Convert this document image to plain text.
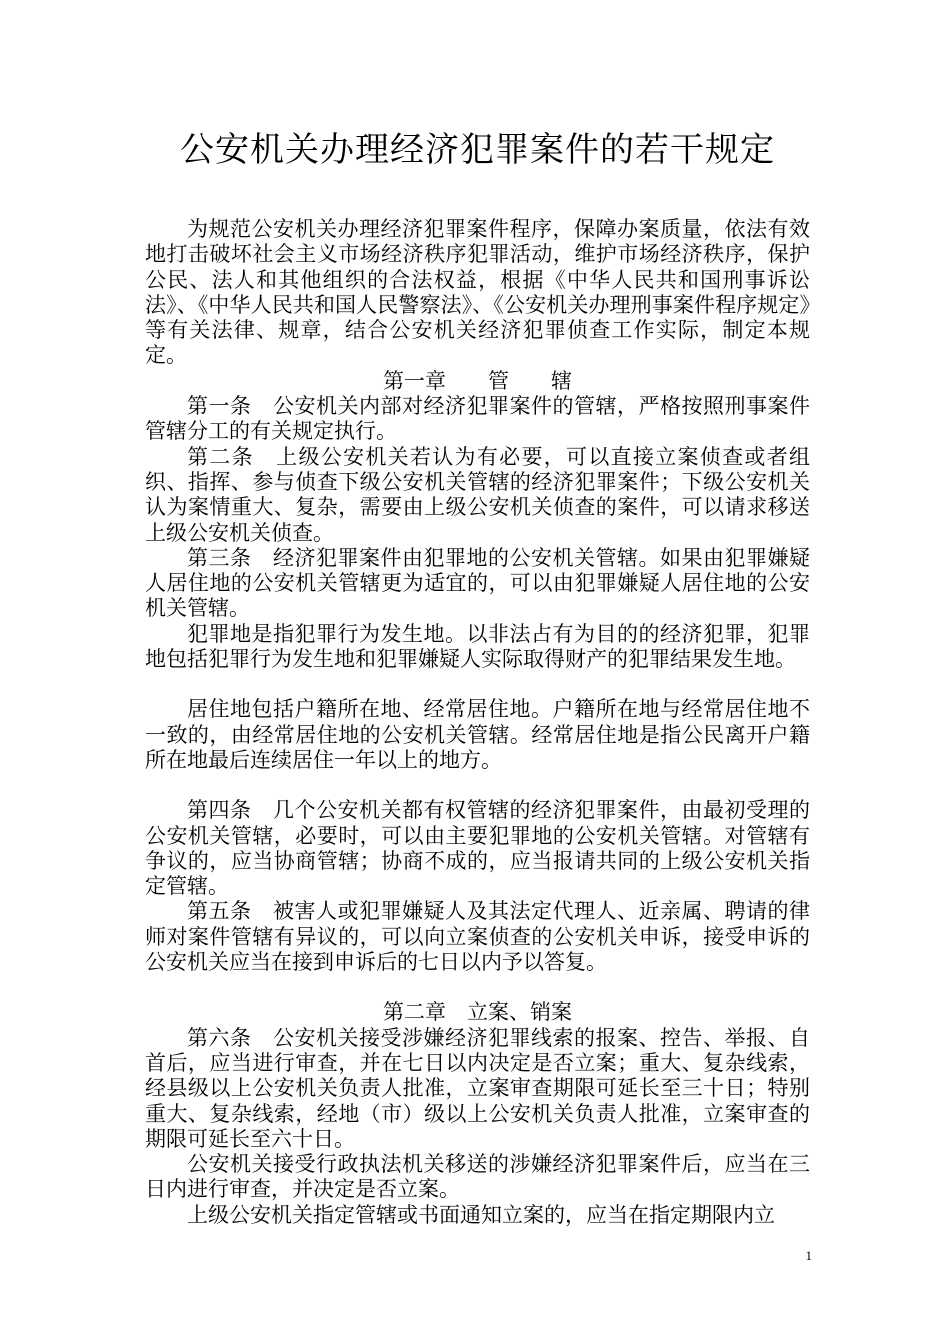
公安机关办理经济犯罪案件的若干规定

为规范公安机关办理经济犯罪案件程序，保障办案质量，依法有效地打击破坏社会主义市场经济秩序犯罪活动，维护市场经济秩序，保护公民、法人和其他组织的合法权益，根据《中华人民共和国刑事诉讼法》、《中华人民共和国人民警察法》、《公安机关办理刑事案件程序规定》等有关法律、规章，结合公安机关经济犯罪侦查工作实际，制定本规定。

第一章　　管　　辖

第一条　公安机关内部对经济犯罪案件的管辖，严格按照刑事案件管辖分工的有关规定执行。

第二条　上级公安机关若认为有必要，可以直接立案侦查或者组织、指挥、参与侦查下级公安机关管辖的经济犯罪案件；下级公安机关认为案情重大、复杂，需要由上级公安机关侦查的案件，可以请求移送上级公安机关侦查。

第三条　经济犯罪案件由犯罪地的公安机关管辖。如果由犯罪嫌疑人居住地的公安机关管辖更为适宜的，可以由犯罪嫌疑人居住地的公安机关管辖。

犯罪地是指犯罪行为发生地。以非法占有为目的的经济犯罪，犯罪地包括犯罪行为发生地和犯罪嫌疑人实际取得财产的犯罪结果发生地。

居住地包括户籍所在地、经常居住地。户籍所在地与经常居住地不一致的，由经常居住地的公安机关管辖。经常居住地是指公民离开户籍所在地最后连续居住一年以上的地方。

第四条　几个公安机关都有权管辖的经济犯罪案件，由最初受理的公安机关管辖，必要时，可以由主要犯罪地的公安机关管辖。对管辖有争议的，应当协商管辖；协商不成的，应当报请共同的上级公安机关指定管辖。

第五条　被害人或犯罪嫌疑人及其法定代理人、近亲属、聘请的律师对案件管辖有异议的，可以向立案侦查的公安机关申诉，接受申诉的公安机关应当在接到申诉后的七日以内予以答复。

第二章　立案、销案

第六条　公安机关接受涉嫌经济犯罪线索的报案、控告、举报、自首后，应当进行审查，并在七日以内决定是否立案；重大、复杂线索，经县级以上公安机关负责人批准，立案审查期限可延长至三十日；特别重大、复杂线索，经地（市）级以上公安机关负责人批准，立案审查的期限可延长至六十日。

公安机关接受行政执法机关移送的涉嫌经济犯罪案件后，应当在三日内进行审查，并决定是否立案。

上级公安机关指定管辖或书面通知立案的，应当在指定期限内立

1
